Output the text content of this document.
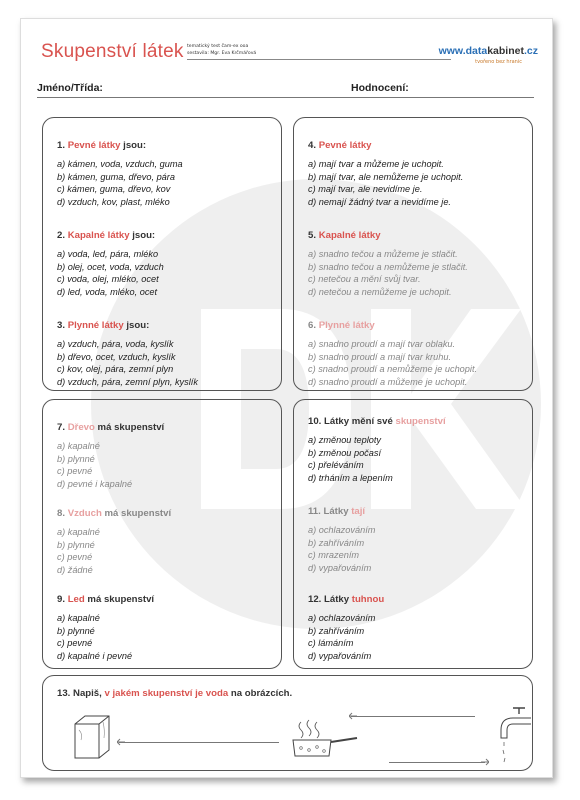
Skupenství látek tematický test čam-ex ooa
sestavila: Mgr. Eva Krčmářová	www.datakabinet.cz
tvořeno bez hranic
Jméno/Třída:	Hodnocení:
1. Pevné látky jsou:
a) kámen, voda, vzduch, guma
b) kámen, guma, dřevo, pára
c) kámen, guma, dřevo, kov
d) vzduch, kov, plast, mléko
2. Kapalné látky jsou:
a) voda, led, pára, mléko
b) olej, ocet, voda, vzduch
c) voda, olej, mléko, ocet
d) led, voda, mléko, ocet
3. Plynné látky jsou:
a) vzduch, pára, voda, kyslík
b) dřevo, ocet, vzduch, kyslík
c) kov, olej, pára, zemní plyn
d) vzduch, pára, zemní plyn, kyslík
4. Pevné látky
a) mají tvar a můžeme je uchopit.
b) mají tvar, ale nemůžeme je uchopit.
c) mají tvar, ale nevidíme je.
d) nemají žádný tvar a nevidíme je.
5. Kapalné látky
a) snadno tečou a můžeme je stlačit.
b) snadno tečou a nemůžeme je stlačit.
c) netečou a mění svůj tvar.
d) netečou a nemůžeme je uchopit.
6. Plynné látky
a) snadno proudí a mají tvar oblaku.
b) snadno proudí a mají tvar kruhu.
c) snadno proudí a nemůžeme je uchopit.
d) snadno proudí a můžeme je uchopit.
7. Dřevo má skupenství
a) kapalné
b) plynné
c) pevné
d) pevné i kapalné
8. Vzduch má skupenství
a) kapalné
b) plynné
c) pevné
d) žádné
9. Led má skupenství
a) kapalné
b) plynné
c) pevné
d) kapalné i pevné
10. Látky mění své skupenství
a) změnou teploty
b) změnou počasí
c) přeléváním
d) trháním a lepením
11. Látky tají
a) ochlazováním
b) zahříváním
c) mrazením
d) vypařováním
12. Látky tuhnou
a) ochlazováním
b) zahříváním
c) lámáním
d) vypařováním
13. Napiš, v jakém skupenství je voda na obrázcích.
